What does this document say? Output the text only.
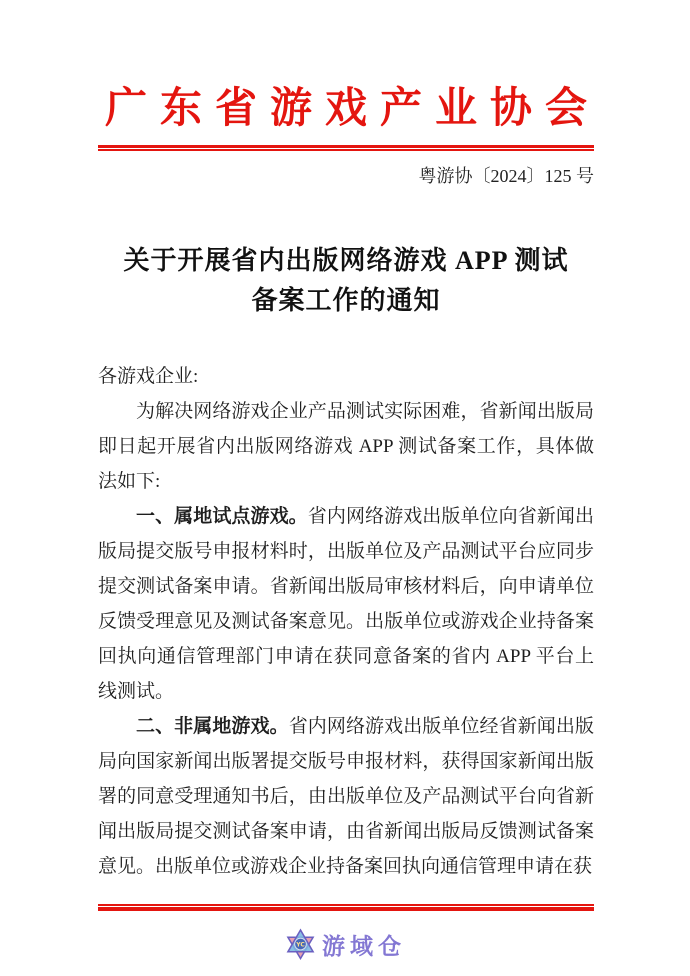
广东省游戏产业协会
粤游协〔2024〕125 号
关于开展省内出版网络游戏 APP 测试
备案工作的通知

各游戏企业:

为解决网络游戏企业产品测试实际困难，省新闻出版局即日起开展省内出版网络游戏 APP 测试备案工作，具体做法如下:

一、属地试点游戏。省内网络游戏出版单位向省新闻出版局提交版号申报材料时，出版单位及产品测试平台应同步提交测试备案申请。省新闻出版局审核材料后，向申请单位反馈受理意见及测试备案意见。出版单位或游戏企业持备案回执向通信管理部门申请在获同意备案的省内 APP 平台上线测试。

二、非属地游戏。省内网络游戏出版单位经省新闻出版局向国家新闻出版署提交版号申报材料，获得国家新闻出版署的同意受理通知书后，由出版单位及产品测试平台向省新闻出版局提交测试备案申请，由省新闻出版局反馈测试备案意见。出版单位或游戏企业持备案回执向通信管理申请在获

YC 游域仓
